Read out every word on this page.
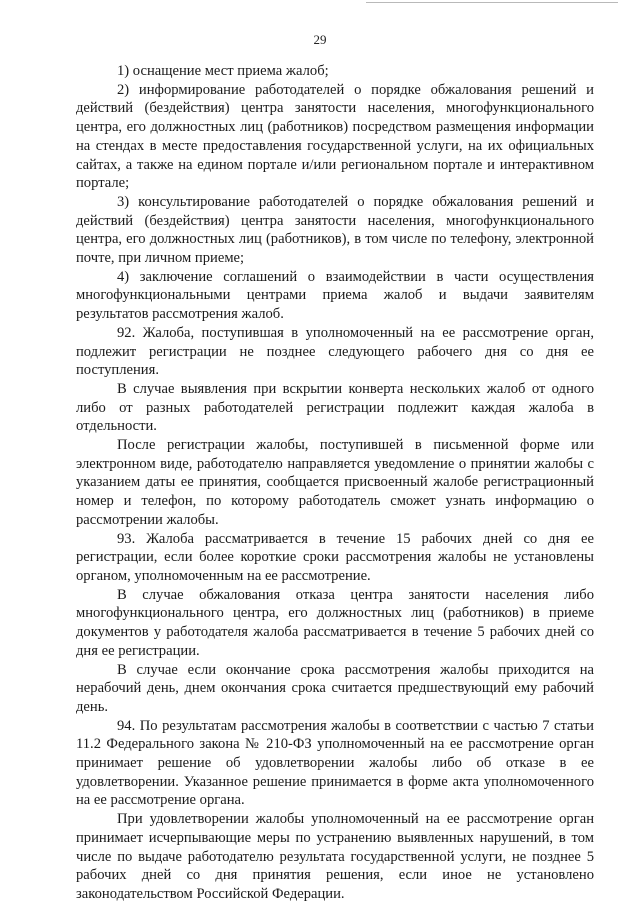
29

1) оснащение мест приема жалоб;

2) информирование работодателей о порядке обжалования решений и действий (бездействия) центра занятости населения, многофункционального центра, его должностных лиц (работников) посредством размещения информации на стендах в месте предоставления государственной услуги, на их официальных сайтах, а также на едином портале и/или региональном портале и интерактивном портале;

3) консультирование работодателей о порядке обжалования решений и действий (бездействия) центра занятости населения, многофункционального центра, его должностных лиц (работников), в том числе по телефону, электронной почте, при личном приеме;

4) заключение соглашений о взаимодействии в части осуществления многофункциональными центрами приема жалоб и выдачи заявителям результатов рассмотрения жалоб.

92. Жалоба, поступившая в уполномоченный на ее рассмотрение орган, подлежит регистрации не позднее следующего рабочего дня со дня ее поступления.

В случае выявления при вскрытии конверта нескольких жалоб от одного либо от разных работодателей регистрации подлежит каждая жалоба в отдельности.

После регистрации жалобы, поступившей в письменной форме или электронном виде, работодателю направляется уведомление о принятии жалобы с указанием даты ее принятия, сообщается присвоенный жалобе регистрационный номер и телефон, по которому работодатель сможет узнать информацию о рассмотрении жалобы.

93. Жалоба рассматривается в течение 15 рабочих дней со дня ее регистрации, если более короткие сроки рассмотрения жалобы не установлены органом, уполномоченным на ее рассмотрение.

В случае обжалования отказа центра занятости населения либо многофункционального центра, его должностных лиц (работников) в приеме документов у работодателя жалоба рассматривается в течение 5 рабочих дней со дня ее регистрации.

В случае если окончание срока рассмотрения жалобы приходится на нерабочий день, днем окончания срока считается предшествующий ему рабочий день.

94. По результатам рассмотрения жалобы в соответствии с частью 7 статьи 11.2 Федерального закона № 210-ФЗ уполномоченный на ее рассмотрение орган принимает решение об удовлетворении жалобы либо об отказе в ее удовлетворении. Указанное решение принимается в форме акта уполномоченного на ее рассмотрение органа.

При удовлетворении жалобы уполномоченный на ее рассмотрение орган принимает исчерпывающие меры по устранению выявленных нарушений, в том числе по выдаче работодателю результата государственной услуги, не позднее 5 рабочих дней со дня принятия решения, если иное не установлено законодательством Российской Федерации.
